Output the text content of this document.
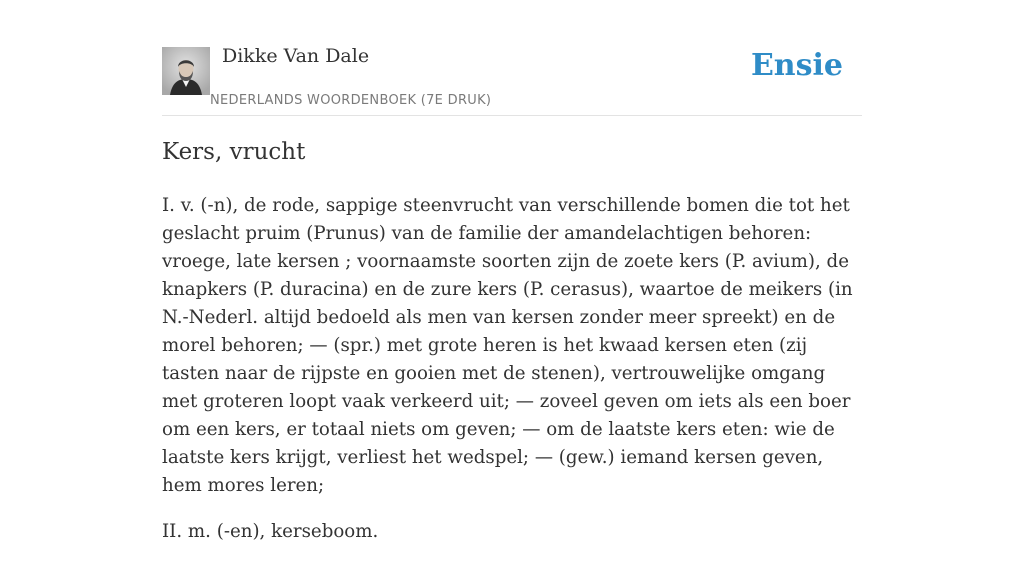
Dikke Van Dale
NEDERLANDS WOORDENBOEK (7E DRUK)
Ensie
Kers, vrucht

I. v. (-n), de rode, sappige steenvrucht van verschillende bomen die tot het geslacht pruim (Prunus) van de familie der amandelachtigen behoren: vroege, late kersen ; voornaamste soorten zijn de zoete kers (P. avium), de knapkers (P. duracina) en de zure kers (P. cerasus), waartoe de meikers (in N.-Nederl. altijd bedoeld als men van kersen zonder meer spreekt) en de morel behoren; — (spr.) met grote heren is het kwaad kersen eten (zij tasten naar de rijpste en gooien met de stenen), vertrouwelijke omgang met groteren loopt vaak verkeerd uit; — zoveel geven om iets als een boer om een kers, er totaal niets om geven; — om de laatste kers eten: wie de laatste kers krijgt, verliest het wedspel; — (gew.) iemand kersen geven, hem mores leren;

II. m. (-en), kerseboom.
